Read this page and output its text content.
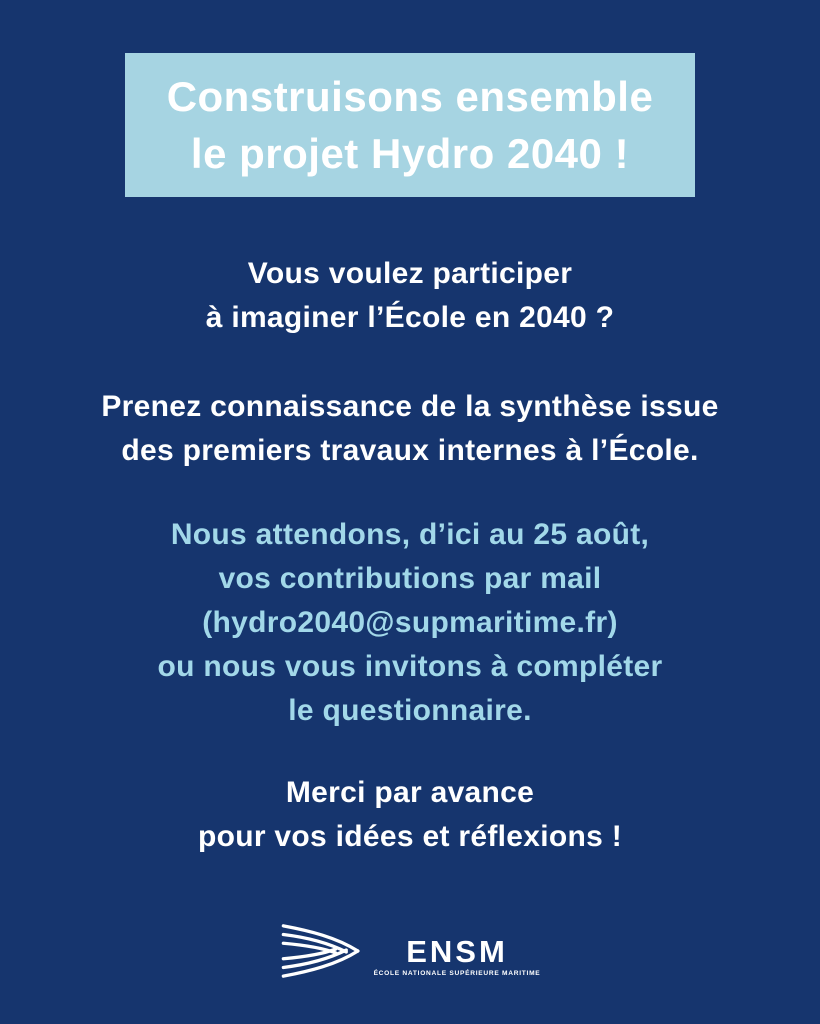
Construisons ensemble
le projet Hydro 2040 !
Vous voulez participer
à imaginer l’École en 2040 ?
Prenez connaissance de la synthèse issue
des premiers travaux internes à l’École.
Nous attendons, d’ici au 25 août,
vos contributions par mail
(hydro2040@supmaritime.fr)
ou nous vous invitons à compléter
le questionnaire.
Merci par avance
pour vos idées et réflexions !
ENSM
ÉCOLE NATIONALE SUPÉRIEURE MARITIME
